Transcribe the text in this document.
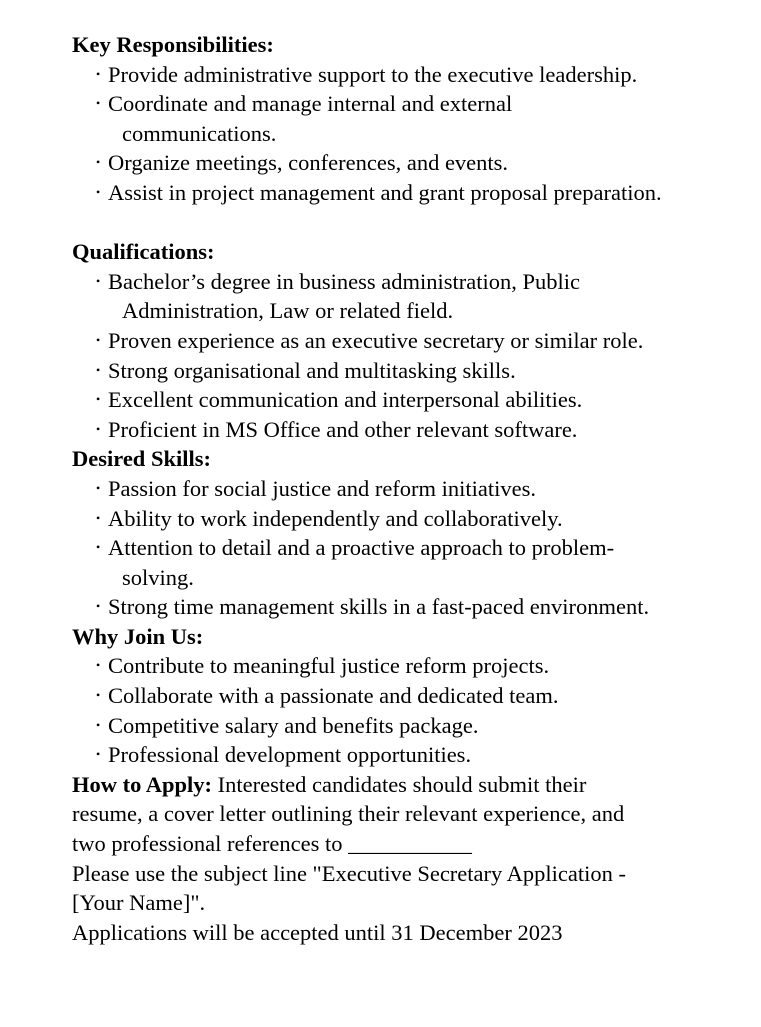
Key Responsibilities:
• Provide administrative support to the executive leadership.
• Coordinate and manage internal and external
communications.
• Organize meetings, conferences, and events.
• Assist in project management and grant proposal preparation.
Qualifications:
• Bachelor’s degree in business administration, Public
Administration, Law or related field.
• Proven experience as an executive secretary or similar role.
• Strong organisational and multitasking skills.
• Excellent communication and interpersonal abilities.
• Proficient in MS Office and other relevant software.
Desired Skills:
• Passion for social justice and reform initiatives.
• Ability to work independently and collaboratively.
• Attention to detail and a proactive approach to problem-
solving.
• Strong time management skills in a fast-paced environment.
Why Join Us:
• Contribute to meaningful justice reform projects.
• Collaborate with a passionate and dedicated team.
• Competitive salary and benefits package.
• Professional development opportunities.
How to Apply: Interested candidates should submit their
resume, a cover letter outlining their relevant experience, and
two professional references to ___________
Please use the subject line "Executive Secretary Application -
[Your Name]".
Applications will be accepted until 31 December 2023
